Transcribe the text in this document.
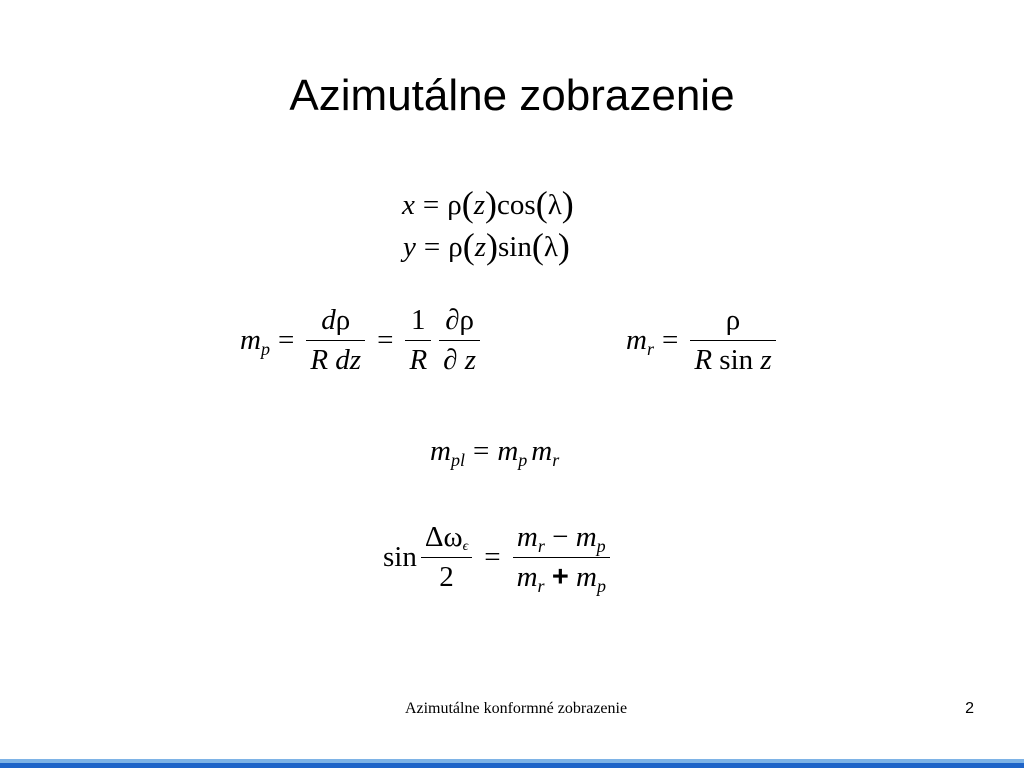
Azimutálne zobrazenie
x = ρ(z)cos(λ)
y = ρ(z)sin(λ)
$m_p = \frac{d\rho}{\text{R dz}} = \frac{1}{R} \frac{\partial\rho}{\partial z}$	$m_r = \frac{\rho}{\text{R sin z}}$
$m_{pl} = m_p$ $m_r$
$\sin \frac{\text{Δωϵ}}{2} = \frac{m_r - m_p}{m_r + m_p}$
Azimutálne konformné zobrazenie	2
